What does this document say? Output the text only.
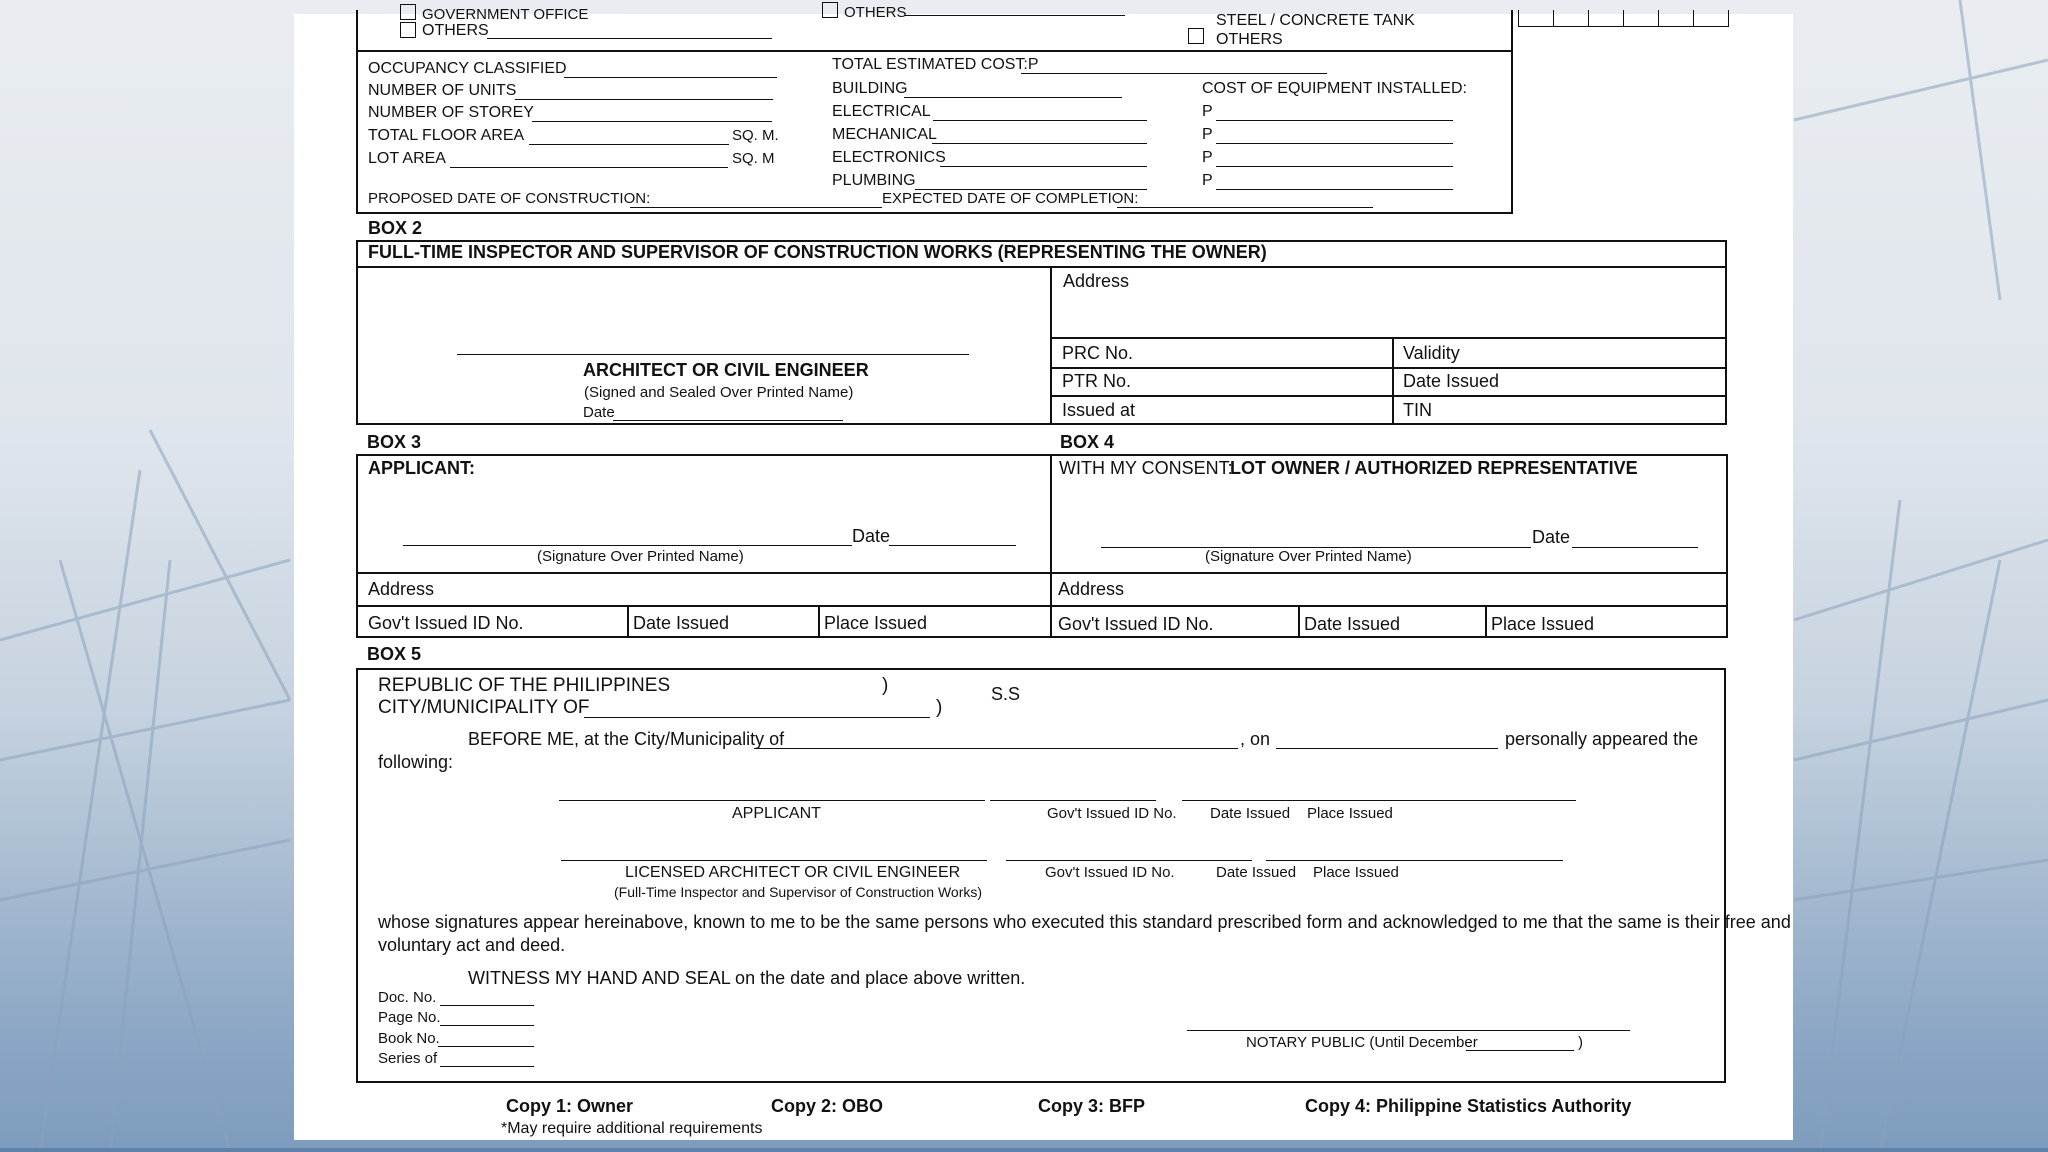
GOVERNMENT OFFICE
OTHERS
OTHERS	STEEL / CONCRETE TANK
OTHERS
OCCUPANCY CLASSIFIED
NUMBER OF UNITS
NUMBER OF STOREY
TOTAL FLOOR AREA	SQ. M.
LOT AREA	SQ. M
TOTAL ESTIMATED COST:P
BUILDING
ELECTRICAL
MECHANICAL
ELECTRONICS
PLUMBING
COST OF EQUIPMENT INSTALLED:
P
P
P
P
PROPOSED DATE OF CONSTRUCTION:	EXPECTED DATE OF COMPLETION:
BOX 2
FULL-TIME INSPECTOR AND SUPERVISOR OF CONSTRUCTION WORKS (REPRESENTING THE OWNER)
ARCHITECT OR CIVIL ENGINEER
(Signed and Sealed Over Printed Name)
Date
Address
PRC No.	Validity
PTR No.	Date Issued
Issued at	TIN
BOX 3	BOX 4
APPLICANT:
Date
(Signature Over Printed Name)
Address
Gov't Issued ID No.	Date Issued	Place Issued
WITH MY CONSENT:
LOT OWNER / AUTHORIZED REPRESENTATIVE
Date
(Signature Over Printed Name)
Address
Gov't Issued ID No.	Date Issued	Place Issued
BOX 5
REPUBLIC OF THE PHILIPPINES	)
CITY/MUNICIPALITY OF	)
S.S
BEFORE ME, at the City/Municipality of	, on	personally appeared the
following:
APPLICANT	Gov't Issued ID No. Date Issued Place Issued
LICENSED ARCHITECT OR CIVIL ENGINEER
(Full-Time Inspector and Supervisor of Construction Works)
Gov't Issued ID No.	Date Issued Place Issued
whose signatures appear hereinabove, known to me to be the same persons who executed this standard prescribed form and acknowledged to me that the same is their free and
voluntary act and deed.
WITNESS MY HAND AND SEAL on the date and place above written.
Doc. No.
Page No.
Book No.
Series of
NOTARY PUBLIC (Until December	)
Copy 1: Owner	Copy 2: OBO	Copy 3: BFP	Copy 4: Philippine Statistics Authority
*May require additional requirements
